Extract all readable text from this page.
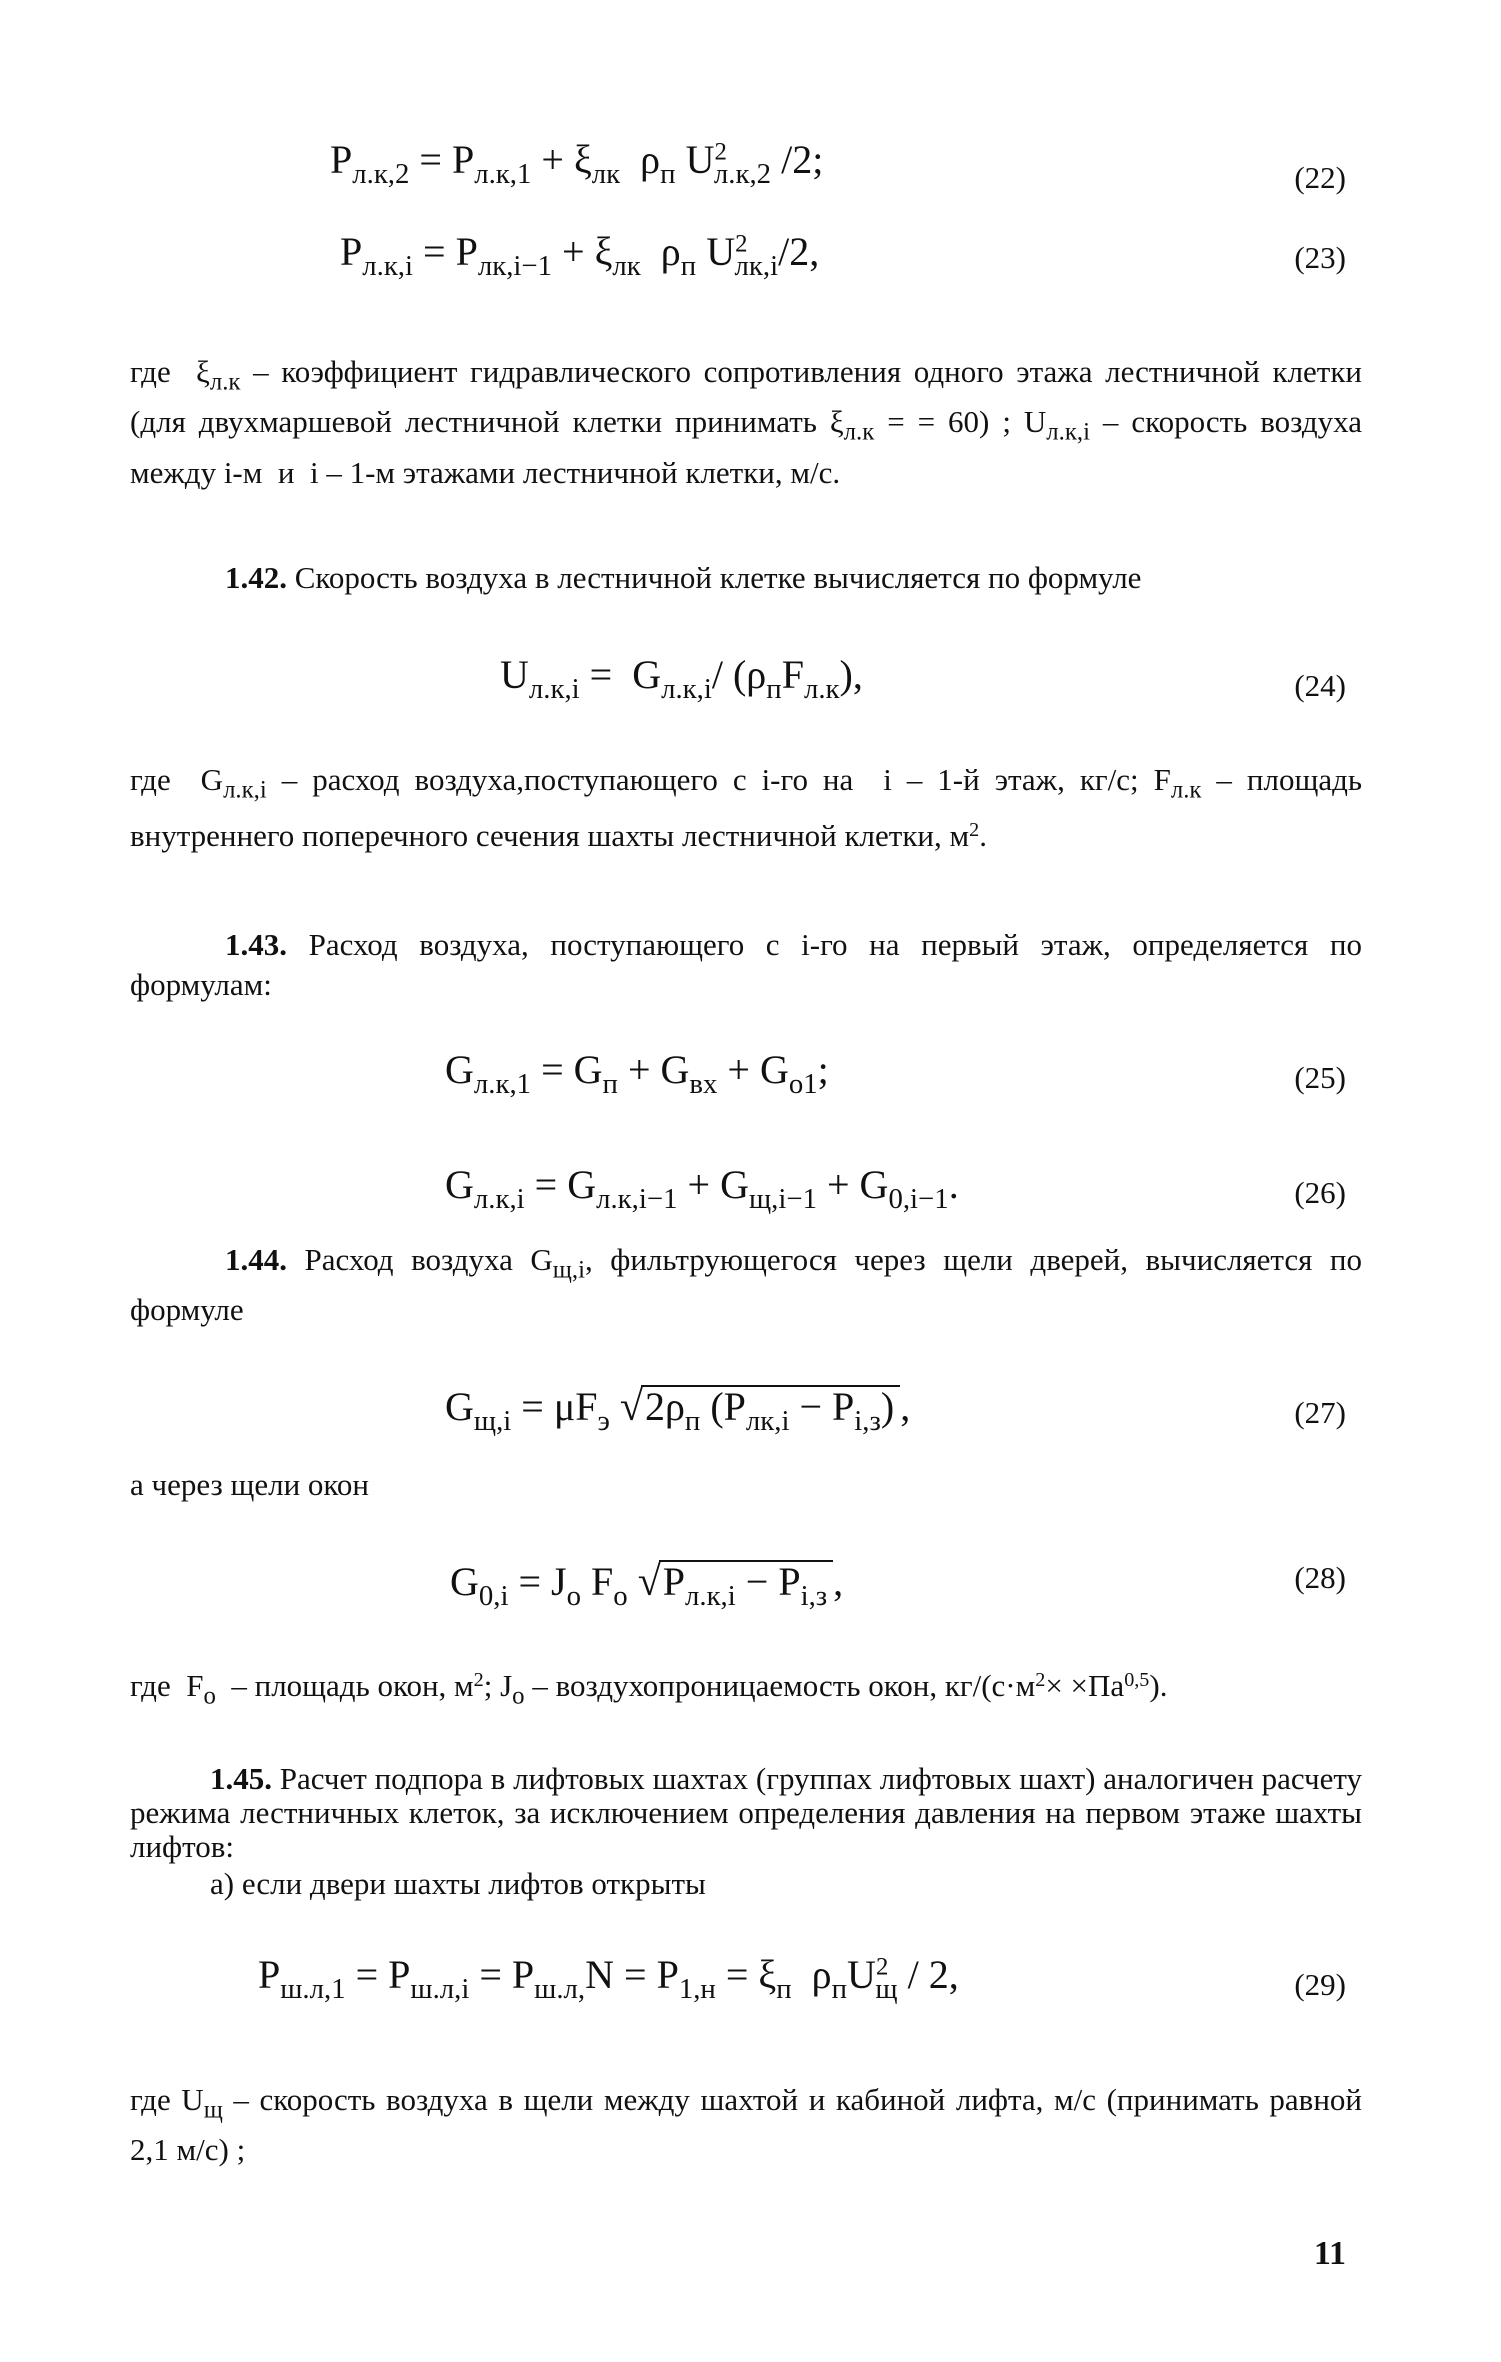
$P_{л.к,2} = P_{л.к,1} + \xi_{лк}$  $\rho_п$ $U^2_{л.к,2}$ /2;	(22)
$P_{л.к,i} = P_{лк,i-1} + \xi_{лк}$  $\rho_п$ $U^2_{лк,i}/2$,	(23)

где  $\xi_{л.к}$ – коэффициент гидравлического сопротивления одного этажа лестничной клетки (для двухмаршевой лестничной клетки принимать $\xi_{л.к}$ = = 60) ; $U_{л.к,i}$ – скорость воздуха между i-м  и  i – 1-м этажами лестничной клетки, м/с.

1.42. Скорость воздуха в лестничной клетке вычисляется по формуле

$U_{л.к,i} = G_{л.к,i}/$ $(\rho_пF_{л.к})$,	(24)

где  $G_{л.к,i}$ – расход воздуха,поступающего с i-го на  i – 1-й этаж, кг/с; $F_{л.к}$ – площадь внутреннего поперечного сечения шахты лестничной клетки, $м^2$.

1.43. Расход воздуха, поступающего с i-го на первый этаж, определяется по формулам:

$G_{л.к,1} = G_п + G_{вх} + G_{о1}$;	(25)
$G_{л.к,i} = G_{л.к,i-1} + G_{щ,i-1} + G_{0,i-1}$.	(26)

1.44. Расход воздуха $G_{щ,i}$, фильтрующегося через щели дверей, вычисляется по формуле

$G_{щ,i} = \mu F_э$ $√2\rho_п$ $(P_{лк,i} - P_{i,з})$ ,	(27)

а через щели окон

$G_{0,i} = J_о$ $F_о$ $√P_{л.к,i} - P_{i,з}$ ,	(28)

где  $F_о$  – площадь окон, $м^2$; $J_о$ – воздухопроницаемость окон, $кг/(с\cdot м^2\times \times Па^{0,5})$.

1.45. Расчет подпора в лифтовых шахтах (группах лифтовых шахт) аналогичен расчету режима лестничных клеток, за исключением определения давления на первом этаже шахты лифтов:

а) если двери шахты лифтов открыты

$P_{ш.л,1} = P_{ш.л,i} = P_{ш.л,}N = P_{1,н} = \xi_п$  $\rho_пU^2_щ / 2$,	(29)

где $U_щ$ – скорость воздуха в щели между шахтой и кабиной лифта, м/с (принимать равной 2,1 м/с) ;

11
